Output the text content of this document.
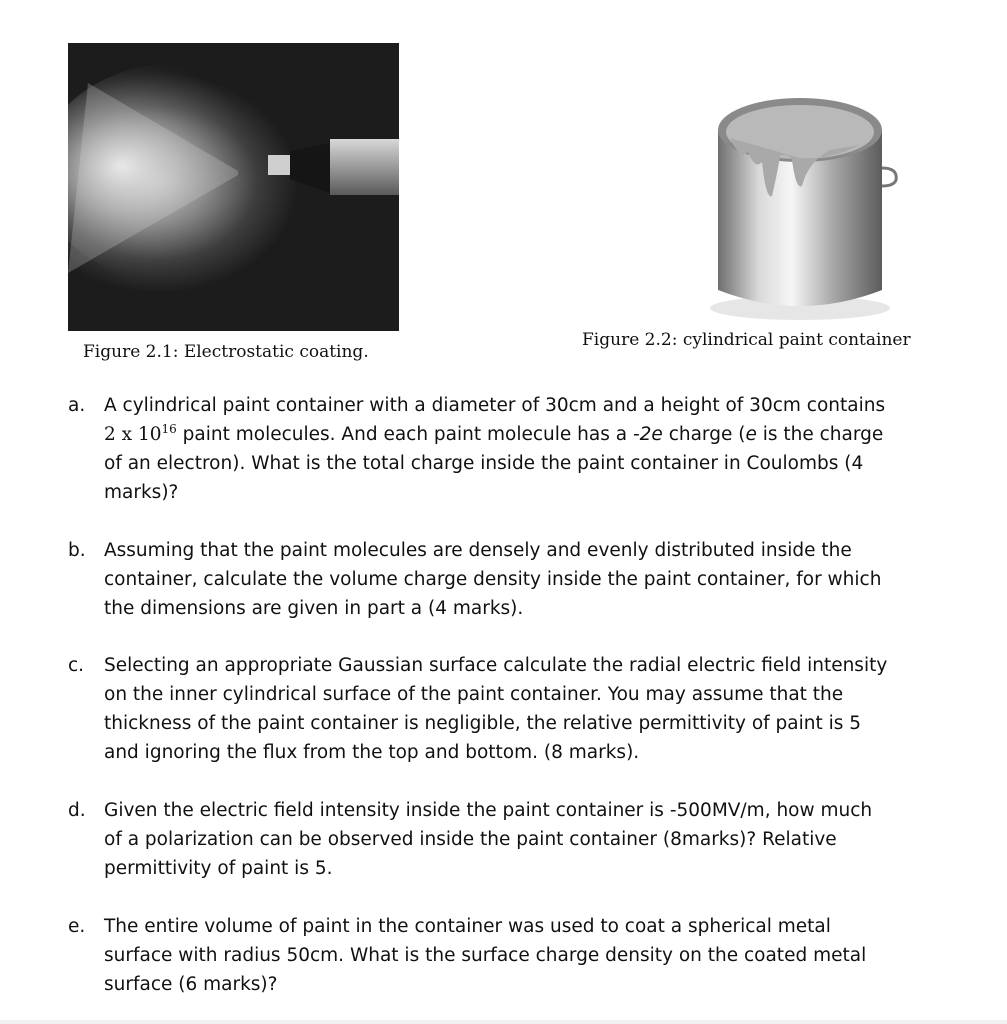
Figure 2.1: Electrostatic coating.
Figure 2.2: cylindrical paint container
a.	A cylindrical paint container with a diameter of 30cm and a height of 30cm contains
2 x $10^{16}$ paint molecules. And each paint molecule has a -2e charge (e is the charge
of an electron). What is the total charge inside the paint container in Coulombs (4
marks)?
b. Assuming that the paint molecules are densely and evenly distributed inside the
container, calculate the volume charge density inside the paint container, for which
the dimensions are given in part a (4 marks).
c.	Selecting an appropriate Gaussian surface calculate the radial electric field intensity
on the inner cylindrical surface of the paint container. You may assume that the
thickness of the paint container is negligible, the relative permittivity of paint is 5
and ignoring the flux from the top and bottom. (8 marks).
d. Given the electric field intensity inside the paint container is -500MV/m, how much
of a polarization can be observed inside the paint container (8marks)? Relative
permittivity of paint is 5.
e.	The entire volume of paint in the container was used to coat a spherical metal
surface with radius 50cm. What is the surface charge density on the coated metal
surface (6 marks)?
